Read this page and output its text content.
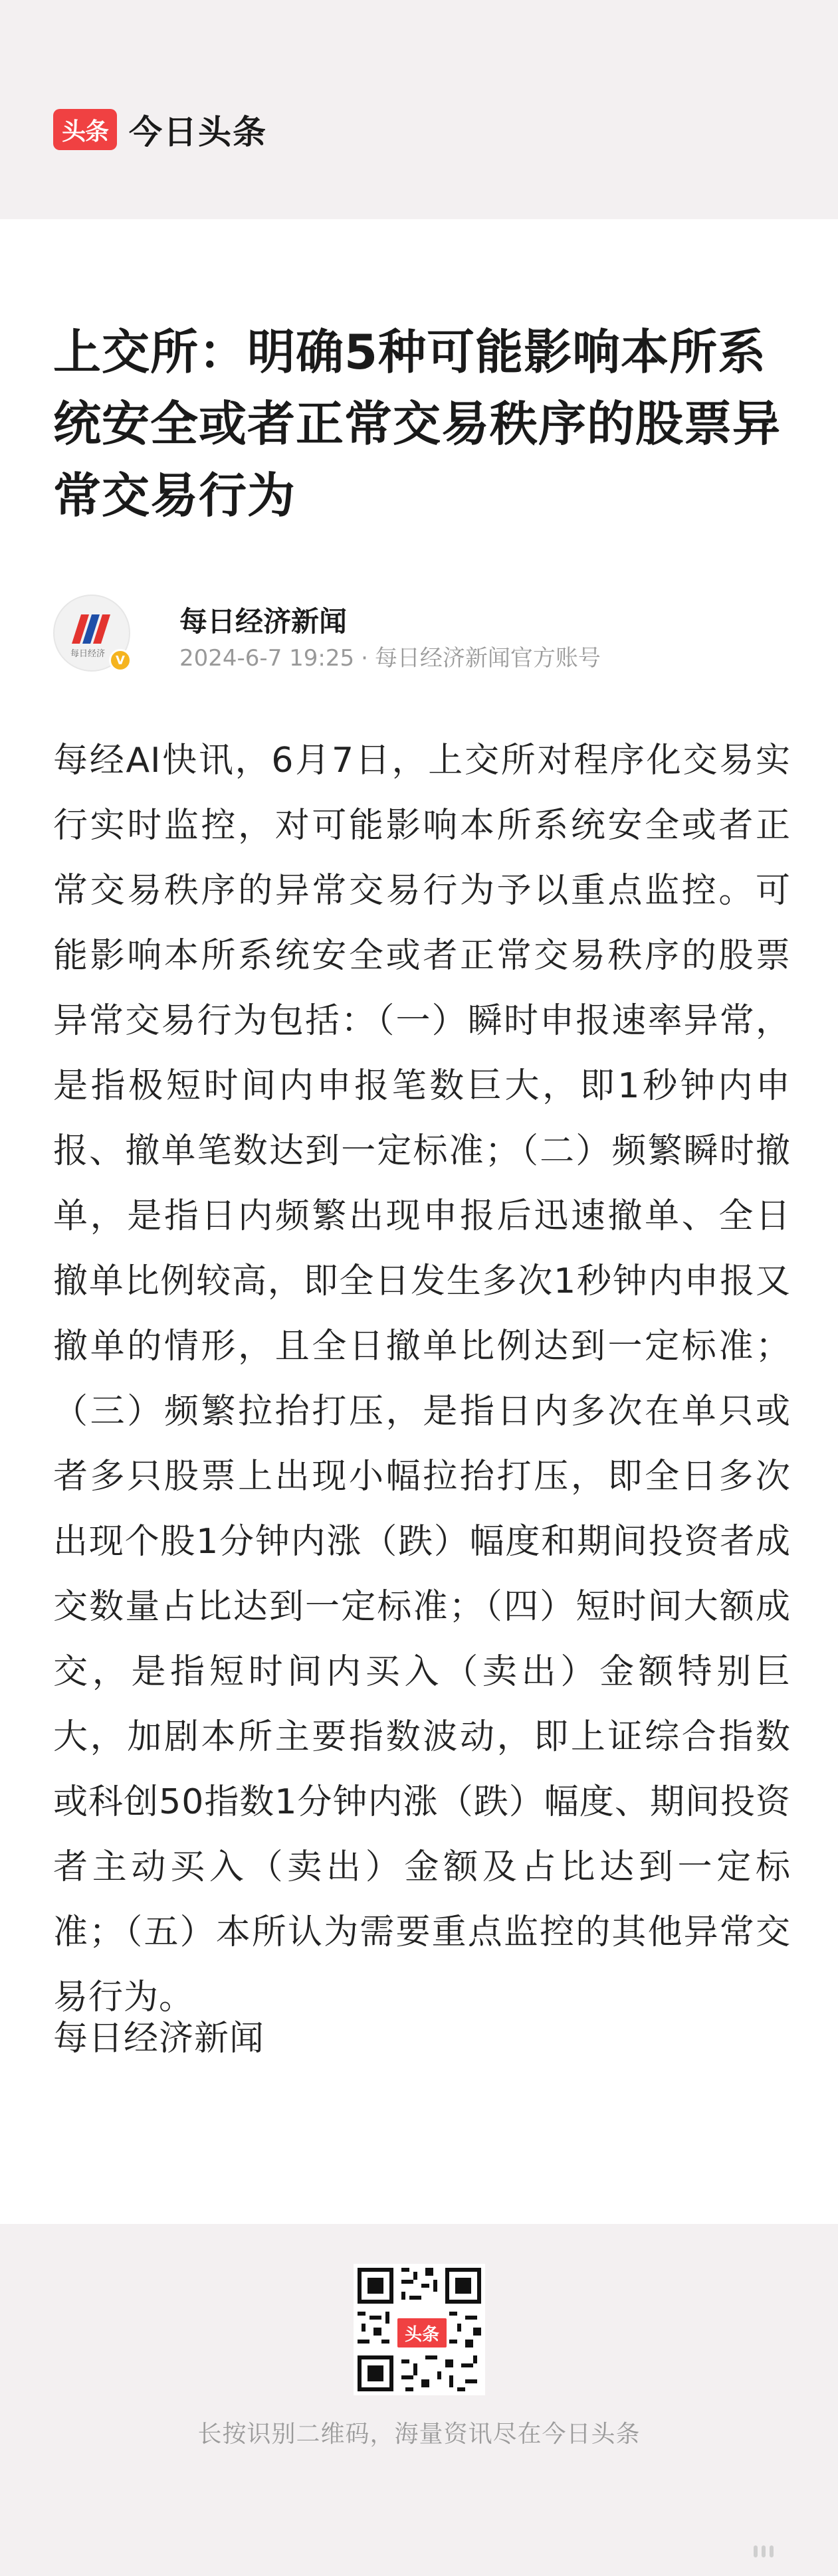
头条 今日头条
上交所：明确5种可能影响本所系统安全或者正常交易秩序的股票异常交易行为
每日经济 V
每日经济新闻
2024-6-7 19:25 · 每日经济新闻官方账号

每经AI快讯，6月7日，上交所对程序化交易实行实时监控，对可能影响本所系统安全或者正常交易秩序的异常交易行为予以重点监控。可能影响本所系统安全或者正常交易秩序的股票异常交易行为包括：（一）瞬时申报速率异常，是指极短时间内申报笔数巨大，即1秒钟内申报、撤单笔数达到一定标准；（二）频繁瞬时撤单，是指日内频繁出现申报后迅速撤单、全日撤单比例较高，即全日发生多次1秒钟内申报又撤单的情形，且全日撤单比例达到一定标准；（三）频繁拉抬打压，是指日内多次在单只或者多只股票上出现小幅拉抬打压，即全日多次出现个股1分钟内涨（跌）幅度和期间投资者成交数量占比达到一定标准；（四）短时间大额成交，是指短时间内买入（卖出）金额特别巨大，加剧本所主要指数波动，即上证综合指数或科创50指数1分钟内涨（跌）幅度、期间投资者主动买入（卖出）金额及占比达到一定标准；（五）本所认为需要重点监控的其他异常交易行为。

每日经济新闻
头条
长按识别二维码，海量资讯尽在今日头条
